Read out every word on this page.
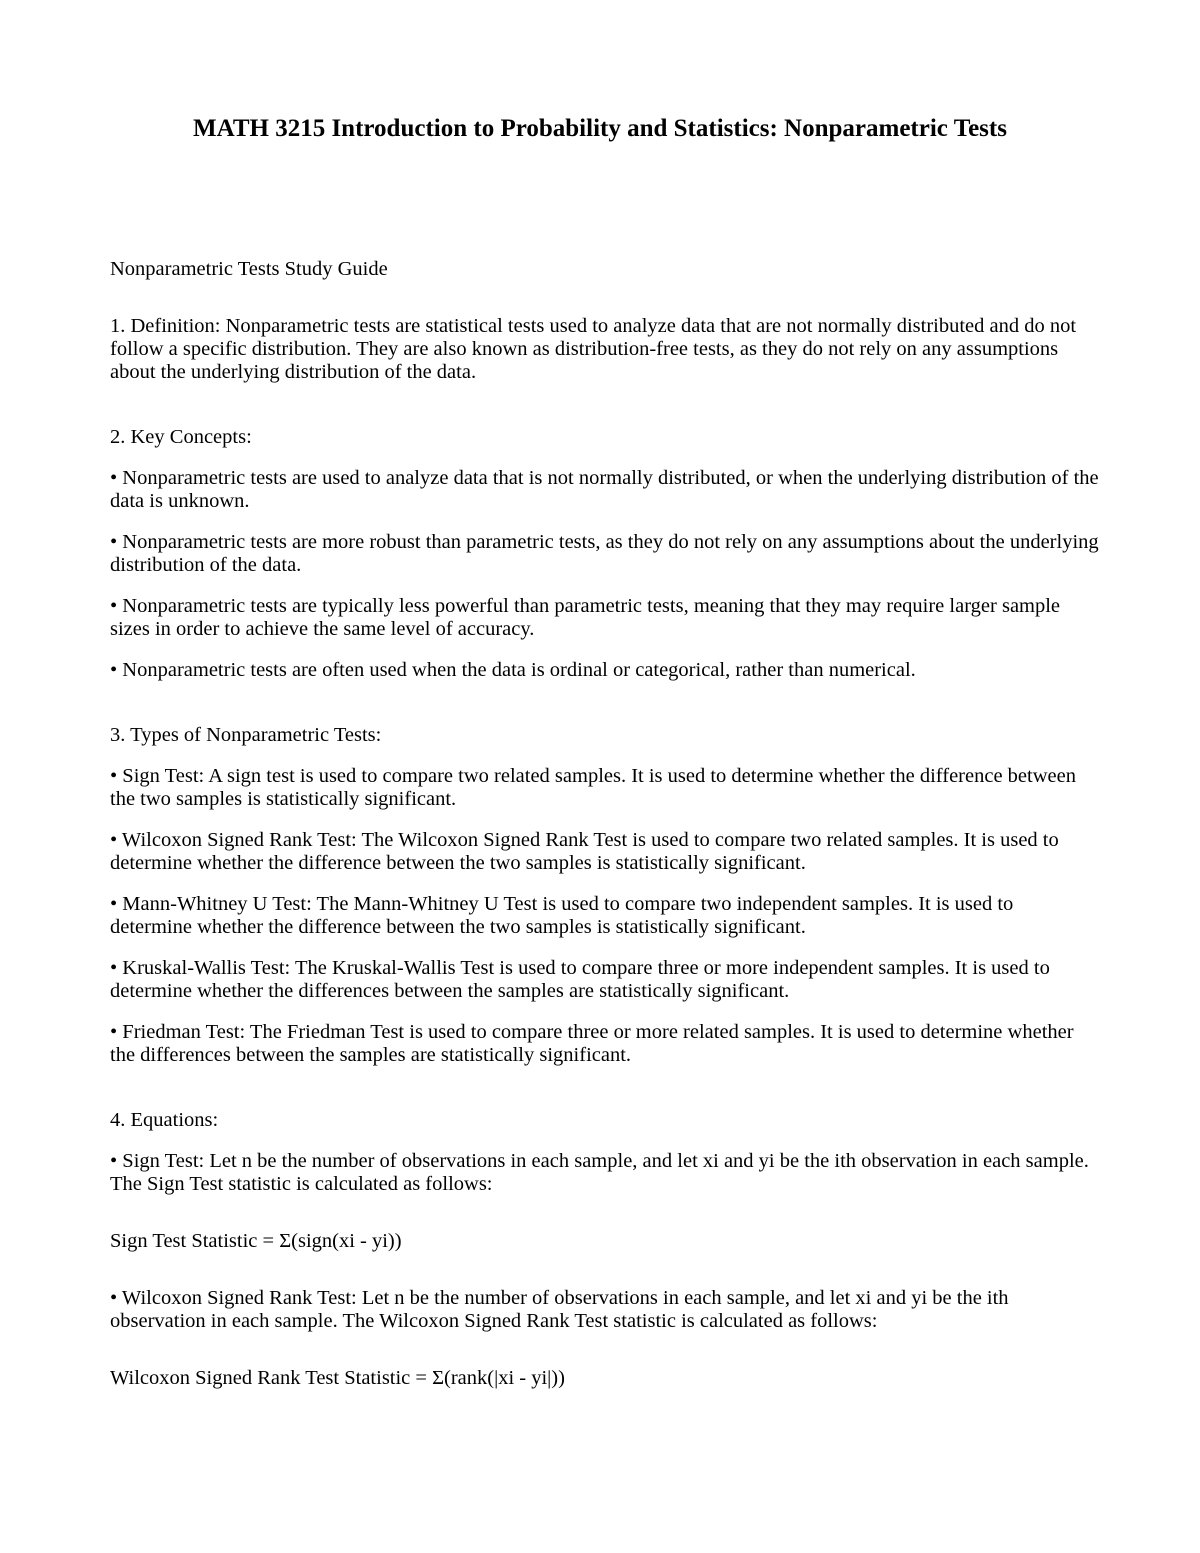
MATH 3215 Introduction to Probability and Statistics: Nonparametric Tests

Nonparametric Tests Study Guide

1. Definition: Nonparametric tests are statistical tests used to analyze data that are not normally distributed and do not follow a specific distribution. They are also known as distribution-free tests, as they do not rely on any assumptions about the underlying distribution of the data.

2. Key Concepts:

• Nonparametric tests are used to analyze data that is not normally distributed, or when the underlying distribution of the data is unknown.

• Nonparametric tests are more robust than parametric tests, as they do not rely on any assumptions about the underlying distribution of the data.

• Nonparametric tests are typically less powerful than parametric tests, meaning that they may require larger sample sizes in order to achieve the same level of accuracy.

• Nonparametric tests are often used when the data is ordinal or categorical, rather than numerical.

3. Types of Nonparametric Tests:

• Sign Test: A sign test is used to compare two related samples. It is used to determine whether the difference between the two samples is statistically significant.

• Wilcoxon Signed Rank Test: The Wilcoxon Signed Rank Test is used to compare two related samples. It is used to determine whether the difference between the two samples is statistically significant.

• Mann-Whitney U Test: The Mann-Whitney U Test is used to compare two independent samples. It is used to determine whether the difference between the two samples is statistically significant.

• Kruskal-Wallis Test: The Kruskal-Wallis Test is used to compare three or more independent samples. It is used to determine whether the differences between the samples are statistically significant.

• Friedman Test: The Friedman Test is used to compare three or more related samples. It is used to determine whether the differences between the samples are statistically significant.

4. Equations:

• Sign Test: Let n be the number of observations in each sample, and let xi and yi be the ith observation in each sample. The Sign Test statistic is calculated as follows:

Sign Test Statistic = Σ(sign(xi - yi))

• Wilcoxon Signed Rank Test: Let n be the number of observations in each sample, and let xi and yi be the ith observation in each sample. The Wilcoxon Signed Rank Test statistic is calculated as follows:

Wilcoxon Signed Rank Test Statistic = Σ(rank(|xi - yi|))
